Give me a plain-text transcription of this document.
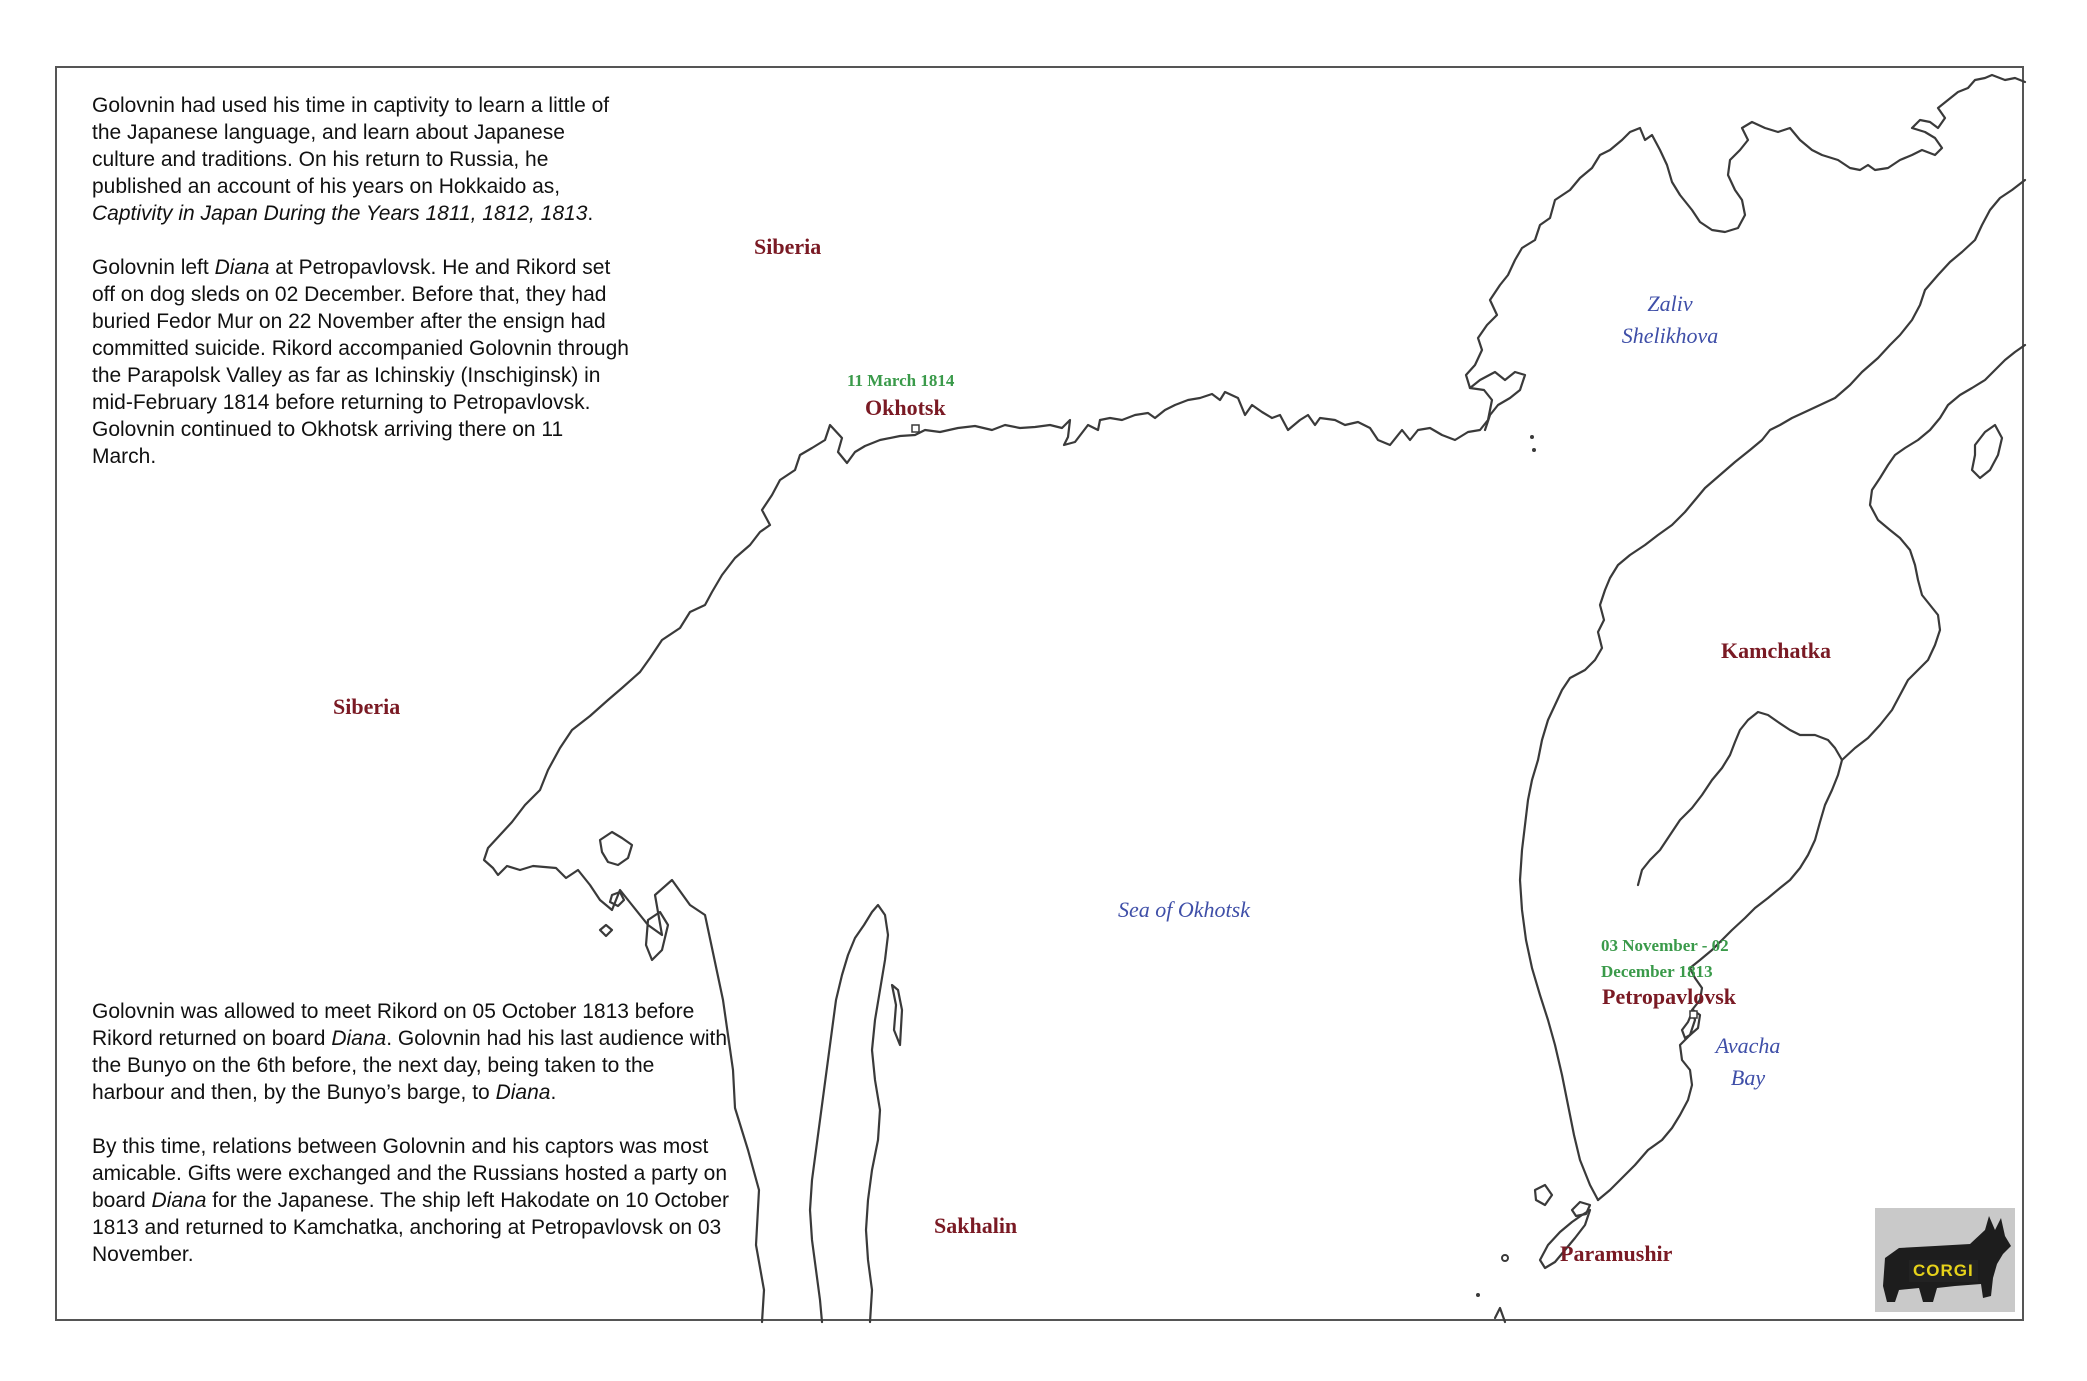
Golovnin had used his time in captivity to learn a little of the Japanese language, and learn about Japanese culture and traditions. On his return to Russia, he published an account of his years on Hokkaido as, Captivity in Japan During the Years 1811, 1812, 1813.

Golovnin left Diana at Petropavlovsk. He and Rikord set off on dog sleds on 02 December. Before that, they had buried Fedor Mur on 22 November after the ensign had committed suicide. Rikord accompanied Golovnin through the Parapolsk Valley as far as Ichinskiy (Inschiginsk) in mid-February 1814 before returning to Petropavlovsk. Golovnin continued to Okhotsk arriving there on 11 March.

Golovnin was allowed to meet Rikord on 05 October 1813 before Rikord returned on board Diana. Golovnin had his last audience with the Bunyo on the 6th before, the next day, being taken to the harbour and then, by the Bunyo’s barge, to Diana.

By this time, relations between Golovnin and his captors was most amicable. Gifts were exchanged and the Russians hosted a party on board Diana for the Japanese. The ship left Hakodate on 10 October 1813 and returned to Kamchatka, anchoring at Petropavlovsk on 03 November.

Siberia
Siberia
11 March 1814
Okhotsk
Zaliv
Shelikhova
Kamchatka
Sea of Okhotsk
03 November - 02
December 1813
Petropavlovsk
Avacha
Bay
Sakhalin
Paramushir
CORGI
